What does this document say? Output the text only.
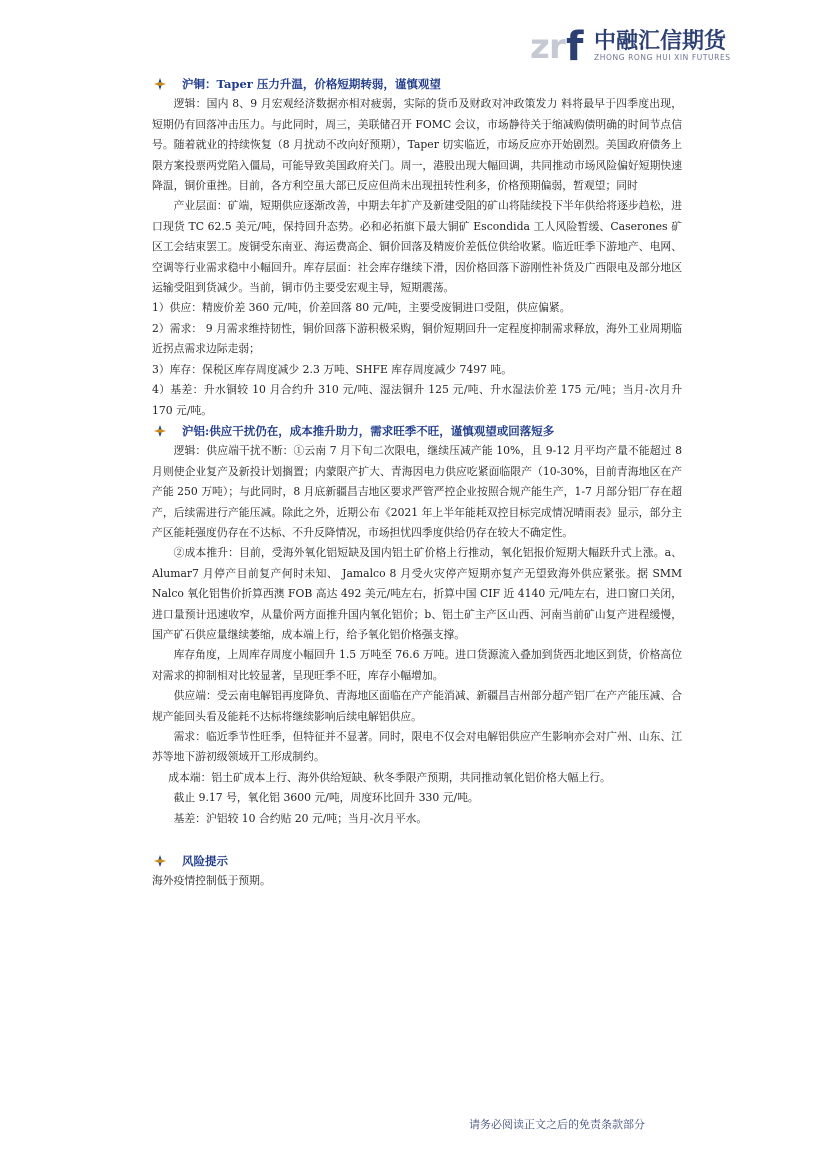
z r f 中融汇信期货
ZHONG RONG HUI XIN FUTURES
沪铜：Taper 压力升温，价格短期转弱，谨慎观望
逻辑：国内 8、9 月宏观经济数据亦相对疲弱，实际的货币及财政对冲政策发力 料将最早于四季度出现，短期仍有回落冲击压力。与此同时，周三，美联储召开 FOMC 会议，市场静待关于缩减购债明确的时间节点信号。随着就业的持续恢复（8 月扰动不改向好预期），Taper 切实临近，市场反应亦开始剧烈。美国政府债务上限方案投票两党陷入僵局，可能导致美国政府关门。周一，港股出现大幅回调，共同推动市场风险偏好短期快速降温，铜价重挫。目前，各方利空虽大部已反应但尚未出现扭转性利多，价格预期偏弱，暂观望；同时
产业层面：矿端，短期供应逐渐改善，中期去年扩产及新建受阻的矿山将陆续投下半年供给将逐步趋松，进口现货 TC 62.5 美元/吨，保持回升态势。必和必拓旗下最大铜矿 Escondida 工人风险暂缓、Caserones 矿区工会结束罢工。废铜受东南亚、海运费高企、铜价回落及精废价差低位供给收紧。临近旺季下游地产、电网、空调等行业需求稳中小幅回升。库存层面：社会库存继续下滑，因价格回落下游刚性补货及广西限电及部分地区运输受阻到货减少。当前，铜市仍主要受宏观主导，短期震荡。
1）供应：精废价差 360 元/吨，价差回落 80 元/吨，主要受废铜进口受阻，供应偏紧。
2）需求： 9 月需求维持韧性，铜价回落下游积极采购，铜价短期回升一定程度抑制需求释放，海外工业周期临近拐点需求边际走弱；
3）库存：保税区库存周度减少 2.3 万吨、SHFE 库存周度减少 7497 吨。
4）基差：升水铜较 10 月合约升 310 元/吨、湿法铜升 125 元/吨、升水湿法价差 175 元/吨；当月-次月升 170 元/吨。
沪铝:供应干扰仍在，成本推升助力，需求旺季不旺，谨慎观望或回落短多
逻辑：供应端干扰不断：①云南 7 月下旬二次限电，继续压减产能 10%，且 9-12 月平均产量不能超过 8 月则使企业复产及新投计划搁置；内蒙限产扩大、青海因电力供应吃紧面临限产（10-30%，目前青海地区在产产能 250 万吨）；与此同时，8 月底新疆昌吉地区要求严管严控企业按照合规产能生产，1-7 月部分铝厂存在超产，后续需进行产能压减。除此之外，近期公布《2021 年上半年能耗双控目标完成情况晴雨表》显示，部分主产区能耗强度仍存在不达标、不升反降情况，市场担忧四季度供给仍存在较大不确定性。
②成本推升：目前，受海外氧化铝短缺及国内铝土矿价格上行推动，氧化铝报价短期大幅跃升式上涨。a、Alumar7 月停产目前复产何时未知、 Jamalco 8 月受火灾停产短期亦复产无望致海外供应紧张。据 SMM Nalco 氧化铝售价折算西澳 FOB 高达 492 美元/吨左右，折算中国 CIF 近 4140 元/吨左右，进口窗口关闭，进口量预计迅速收窄，从量价两方面推升国内氧化铝价；b、铝土矿主产区山西、河南当前矿山复产进程缓慢，国产矿石供应量继续萎缩，成本端上行，给予氧化铝价格强支撑。
库存角度，上周库存周度小幅回升 1.5 万吨至 76.6 万吨。进口货源流入叠加到货西北地区到货，价格高位对需求的抑制相对比较显著，呈现旺季不旺，库存小幅增加。
供应端：受云南电解铝再度降负、青海地区面临在产产能消减、新疆昌吉州部分超产铝厂在产产能压减、合规产能回头看及能耗不达标将继续影响后续电解铝供应。
需求：临近季节性旺季，但特征并不显著。同时，限电不仅会对电解铝供应产生影响亦会对广州、山东、江苏等地下游初级领域开工形成制约。
成本端：铝土矿成本上行、海外供给短缺、秋冬季限产预期，共同推动氧化铝价格大幅上行。
截止 9.17 号，氧化铝 3600 元/吨，周度环比回升 330 元/吨。
基差：沪铝较 10 合约贴 20 元/吨；当月-次月平水。
风险提示
海外疫情控制低于预期。
请务必阅读正文之后的免责条款部分
